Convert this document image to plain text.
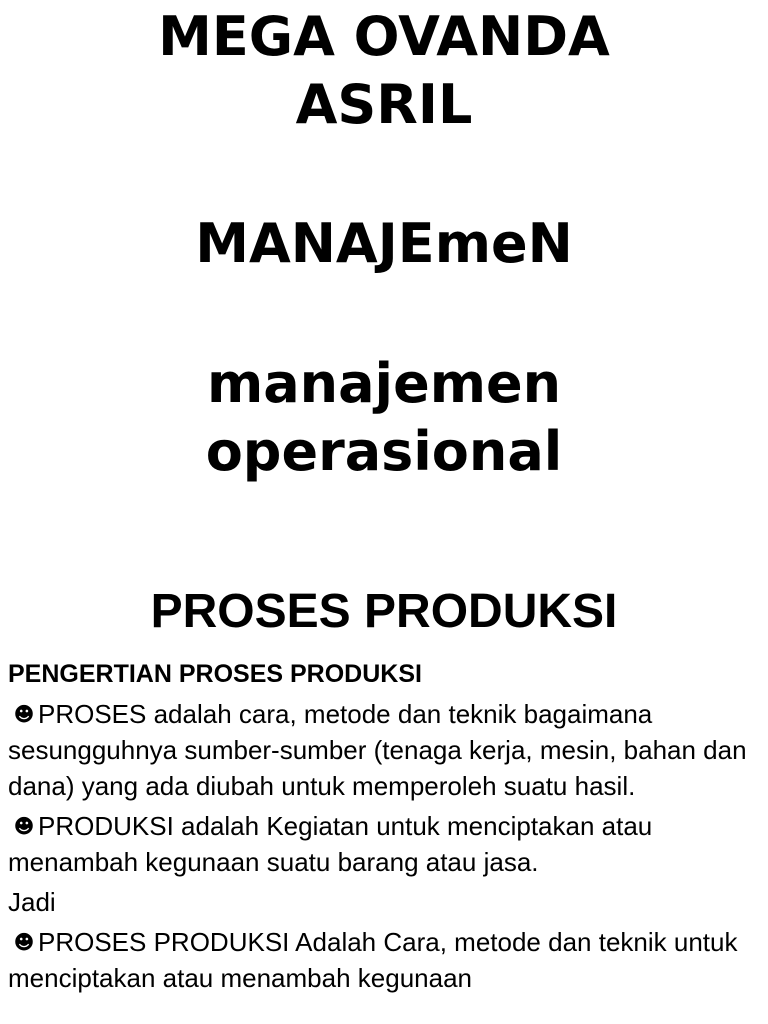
MEGA OVANDA
ASRIL
MANAJEmeN
manajemen
operasional
PROSES PRODUKSI
PENGERTIAN PROSES PRODUKSI
☻ PROSES adalah cara, metode dan teknik bagaimana sesungguhnya sumber-sumber (tenaga kerja, mesin, bahan dan dana) yang ada diubah untuk memperoleh suatu hasil.
☻ PRODUKSI adalah Kegiatan untuk menciptakan atau menambah kegunaan suatu barang atau jasa.
Jadi
☻ PROSES PRODUKSI Adalah Cara, metode dan teknik untuk menciptakan atau menambah kegunaan
